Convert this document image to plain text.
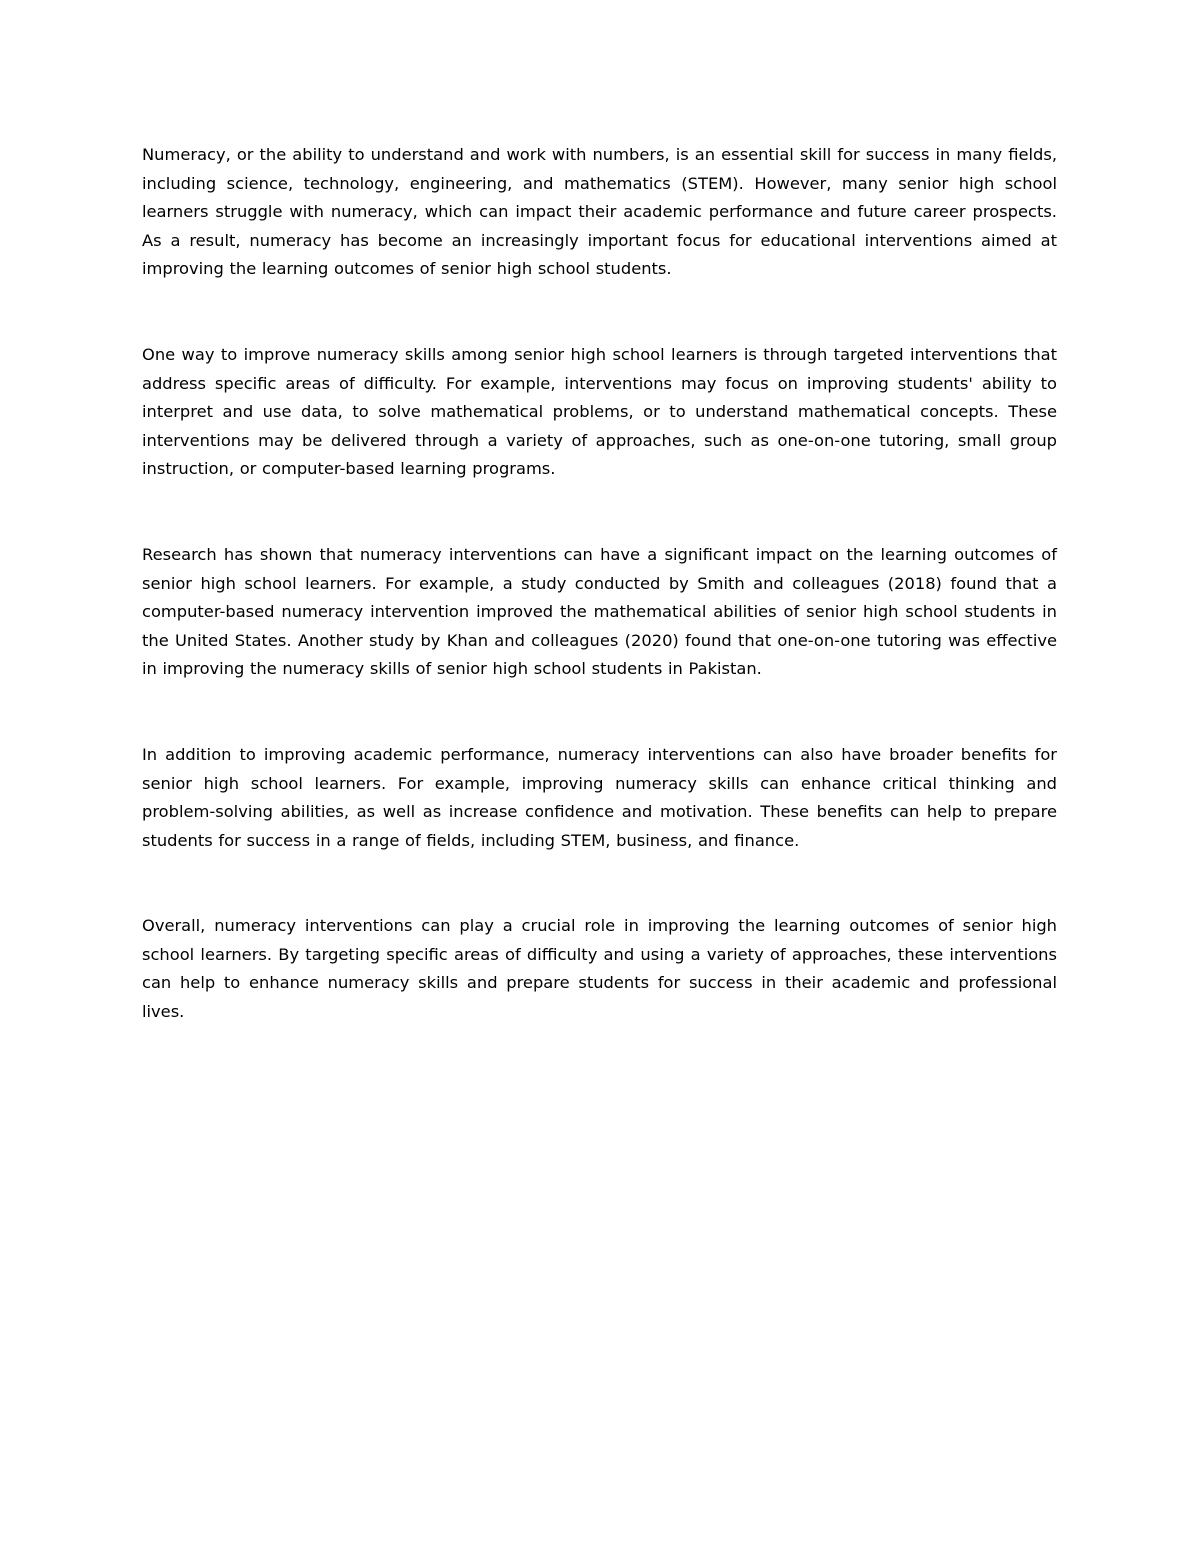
Numeracy, or the ability to understand and work with numbers, is an essential skill for success in many fields, including science, technology, engineering, and mathematics (STEM). However, many senior high school learners struggle with numeracy, which can impact their academic performance and future career prospects. As a result, numeracy has become an increasingly important focus for educational interventions aimed at improving the learning outcomes of senior high school students.

One way to improve numeracy skills among senior high school learners is through targeted interventions that address specific areas of difficulty. For example, interventions may focus on improving students' ability to interpret and use data, to solve mathematical problems, or to understand mathematical concepts. These interventions may be delivered through a variety of approaches, such as one-on-one tutoring, small group instruction, or computer-based learning programs.

Research has shown that numeracy interventions can have a significant impact on the learning outcomes of senior high school learners. For example, a study conducted by Smith and colleagues (2018) found that a computer-based numeracy intervention improved the mathematical abilities of senior high school students in the United States. Another study by Khan and colleagues (2020) found that one-on-one tutoring was effective in improving the numeracy skills of senior high school students in Pakistan.

In addition to improving academic performance, numeracy interventions can also have broader benefits for senior high school learners. For example, improving numeracy skills can enhance critical thinking and problem-solving abilities, as well as increase confidence and motivation. These benefits can help to prepare students for success in a range of fields, including STEM, business, and finance.

Overall, numeracy interventions can play a crucial role in improving the learning outcomes of senior high school learners. By targeting specific areas of difficulty and using a variety of approaches, these interventions can help to enhance numeracy skills and prepare students for success in their academic and professional lives.
